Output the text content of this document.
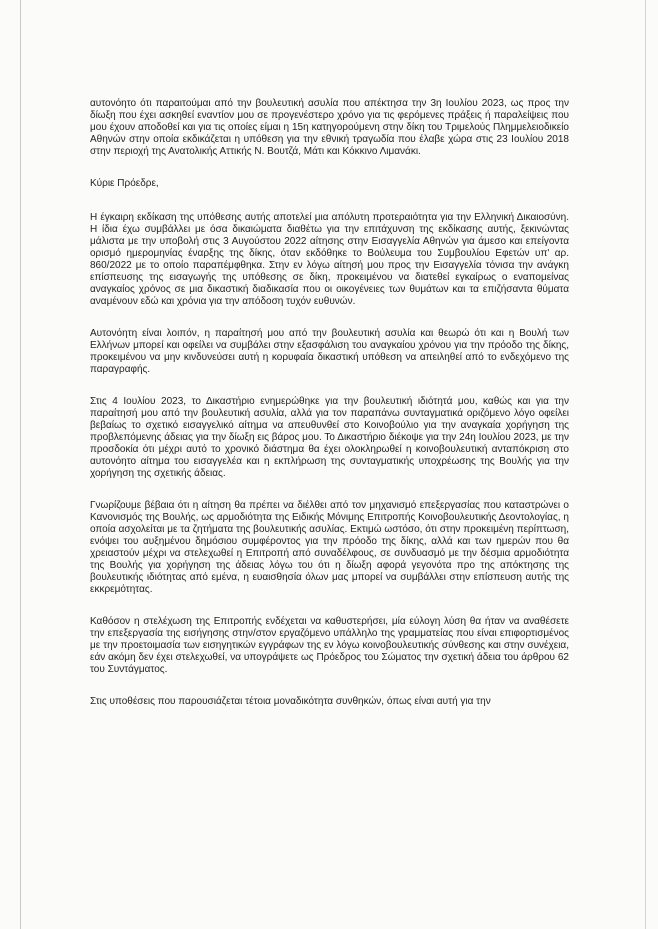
αυτονόητο ότι παραιτούμαι από την βουλευτική ασυλία που απέκτησα την 3η Ιουλίου 2023, ως προς την δίωξη που έχει ασκηθεί εναντίον μου σε προγενέστερο χρόνο για τις φερόμενες πράξεις ή παραλείψεις που μου έχουν αποδοθεί και για τις οποίες είμαι η 15η κατηγορούμενη στην δίκη του Τριμελούς Πλημμελειοδικείο Αθηνών στην οποία εκδικάζεται η υπόθεση για την εθνική τραγωδία που έλαβε χώρα στις 23 Ιουλίου 2018 στην περιοχή της Ανατολικής Αττικής Ν. Βουτζά, Μάτι και Κόκκινο Λιμανάκι.

Κύριε Πρόεδρε,

Η έγκαιρη εκδίκαση της υπόθεσης αυτής αποτελεί μια απόλυτη προτεραιότητα για την Ελληνική Δικαιοσύνη. Η ίδια έχω συμβάλλει με όσα δικαιώματα διαθέτω για την επιτάχυνση της εκδίκασης αυτής, ξεκινώντας μάλιστα με την υποβολή στις 3 Αυγούστου 2022 αίτησης στην Εισαγγελία Αθηνών για άμεσο και επείγοντα ορισμό ημερομηνίας έναρξης της δίκης, όταν εκδόθηκε το Βούλευμα του Συμβουλίου Εφετών υπ' αρ. 860/2022 με το οποίο παραπέμφθηκα. Στην εν λόγω αίτησή μου προς την Εισαγγελία τόνισα την ανάγκη επίσπευσης της εισαγωγής της υπόθεσης σε δίκη, προκειμένου να διατεθεί εγκαίρως ο εναπομείνας αναγκαίος χρόνος σε μια δικαστική διαδικασία που οι οικογένειες των θυμάτων και τα επιζήσαντα θύματα αναμένουν εδώ και χρόνια για την απόδοση τυχόν ευθυνών.

Αυτονόητη είναι λοιπόν, η παραίτησή μου από την βουλευτική ασυλία και θεωρώ ότι και η Βουλή των Ελλήνων μπορεί και οφείλει να συμβάλει στην εξασφάλιση του αναγκαίου χρόνου για την πρόοδο της δίκης, προκειμένου να μην κινδυνεύσει αυτή η κορυφαία δικαστική υπόθεση να απειληθεί από το ενδεχόμενο της παραγραφής.

Στις 4 Ιουλίου 2023, το Δικαστήριο ενημερώθηκε για την βουλευτική ιδιότητά μου, καθώς και για την παραίτησή μου από την βουλευτική ασυλία, αλλά για τον παραπάνω συνταγματικά οριζόμενο λόγο οφείλει βεβαίως το σχετικό εισαγγελικό αίτημα να απευθυνθεί στο Κοινοβούλιο για την αναγκαία χορήγηση της προβλεπόμενης άδειας για την δίωξη εις βάρος μου. Το Δικαστήριο διέκοψε για την 24η Ιουλίου 2023, με την προσδοκία ότι μέχρι αυτό το χρονικό διάστημα θα έχει ολοκληρωθεί η κοινοβουλευτική ανταπόκριση στο αυτονόητο αίτημα του εισαγγελέα και η εκπλήρωση της συνταγματικής υποχρέωσης της Βουλής για την χορήγηση της σχετικής άδειας.

Γνωρίζουμε βέβαια ότι η αίτηση θα πρέπει να διέλθει από τον μηχανισμό επεξεργασίας που καταστρώνει ο Κανονισμός της Βουλής, ως αρμοδιότητα της Ειδικής Μόνιμης Επιτροπής Κοινοβουλευτικής Δεοντολογίας, η οποία ασχολείται με τα ζητήματα της βουλευτικής ασυλίας. Εκτιμώ ωστόσο, ότι στην προκειμένη περίπτωση, ενόψει του αυξημένου δημόσιου συμφέροντος για την πρόοδο της δίκης, αλλά και των ημερών που θα χρειαστούν μέχρι να στελεχωθεί η Επιτροπή από συναδέλφους, σε συνδυασμό με την δέσμια αρμοδιότητα της Βουλής για χορήγηση της άδειας λόγω του ότι η δίωξη αφορά γεγονότα προ της απόκτησης της βουλευτικής ιδιότητας από εμένα, η ευαισθησία όλων μας μπορεί να συμβάλλει στην επίσπευση αυτής της εκκρεμότητας.

Καθόσον η στελέχωση της Επιτροπής ενδέχεται να καθυστερήσει, μία εύλογη λύση θα ήταν να αναθέσετε την επεξεργασία της εισήγησης στην/στον εργαζόμενο υπάλληλο της γραμματείας που είναι επιφορτισμένος με την προετοιμασία των εισηγητικών εγγράφων της εν λόγω κοινοβουλευτικής σύνθεσης και στην συνέχεια, εάν ακόμη δεν έχει στελεχωθεί, να υπογράψετε ως Πρόεδρος του Σώματος την σχετική άδεια του άρθρου 62 του Συντάγματος.

Στις υποθέσεις που παρουσιάζεται τέτοια μοναδικότητα συνθηκών, όπως είναι αυτή για την
